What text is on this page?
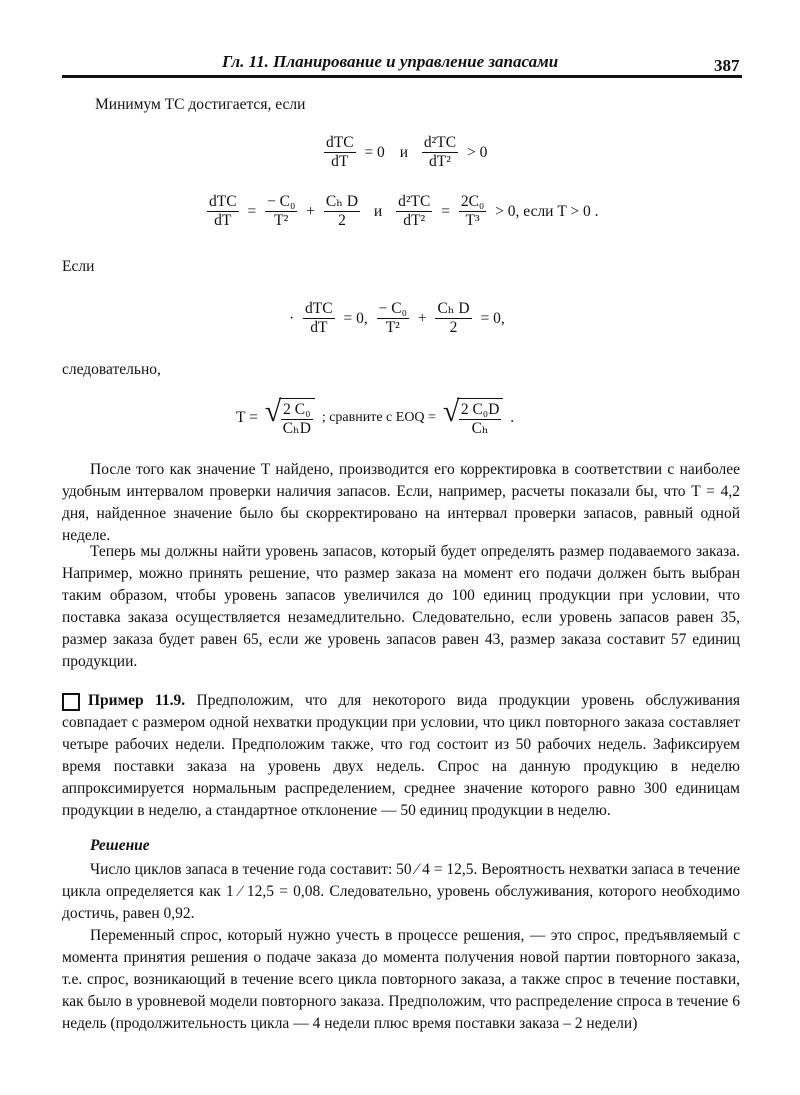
Гл. 11. Планирование и управление запасами	387
Минимум ТС достигается, если
$\frac{\text{dTC}}{dT} = 0$ и $\frac{\text{d²TC}}{\text{dT²}} > 0$
$\frac{\text{dTC}}{dT} = \frac{\text{− C₀}}{\text{T²}} + \frac{\text{Cₕ D}}{2}$ и $\frac{\text{d²TC}}{\text{dT²}} = \frac{\text{2C₀}}{\text{T³}} > 0$, если T > 0 .
Если
· $\frac{\text{dTC}}{dT} = 0$, $\frac{\text{− C₀}}{\text{T²}} + \frac{\text{Cₕ D}}{2} = 0$,
следовательно,
T = √ $\frac{\text{2 C₀}}{\text{CₕD}}$ ; сравните с EOQ = √ $\frac{\text{2 C₀D}}{\text{Cₕ}}$ .
После того как значение T найдено, производится его корректировка в соответствии с наиболее удобным интервалом проверки наличия запасов. Если, например, расчеты показали бы, что T = 4,2 дня, найденное значение было бы скорректировано на интервал проверки запасов, равный одной неделе.
Теперь мы должны найти уровень запасов, который будет определять размер подаваемого заказа. Например, можно принять решение, что размер заказа на момент его подачи должен быть выбран таким образом, чтобы уровень запасов увеличился до 100 единиц продукции при условии, что поставка заказа осуществляется незамедлительно. Следовательно, если уровень запасов равен 35, размер заказа будет равен 65, если же уровень запасов равен 43, размер заказа составит 57 единиц продукции.
Пример 11.9. Предположим, что для некоторого вида продукции уровень обслуживания совпадает с размером одной нехватки продукции при условии, что цикл повторного заказа составляет четыре рабочих недели. Предположим также, что год состоит из 50 рабочих недель. Зафиксируем время поставки заказа на уровень двух недель. Спрос на данную продукцию в неделю аппроксимируется нормальным распределением, среднее значение которого равно 300 единицам продукции в неделю, а стандартное отклонение — 50 единиц продукции в неделю.
Решение
Число циклов запаса в течение года составит: 50 ⁄ 4 = 12,5. Вероятность нехватки запаса в течение цикла определяется как 1 ⁄ 12,5 = 0,08. Следовательно, уровень обслуживания, которого необходимо достичь, равен 0,92.
Переменный спрос, который нужно учесть в процессе решения, — это спрос, предъявляемый с момента принятия решения о подаче заказа до момента получения новой партии повторного заказа, т.е. спрос, возникающий в течение всего цикла повторного заказа, а также спрос в течение поставки, как было в уровневой модели повторного заказа. Предположим, что распределение спроса в течение 6 недель (продолжительность цикла — 4 недели плюс время поставки заказа – 2 недели)
